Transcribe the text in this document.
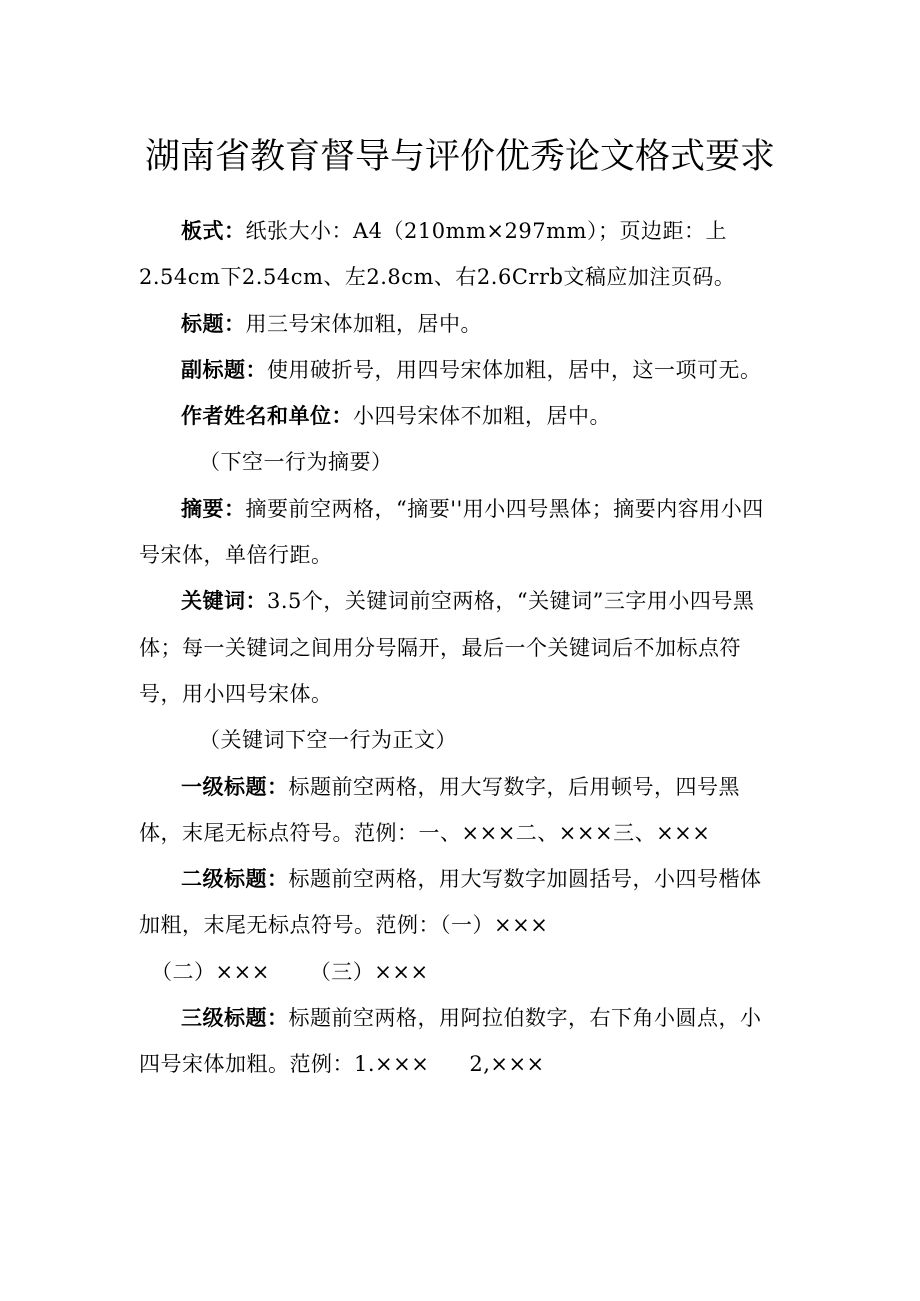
湖南省教育督导与评价优秀论文格式要求

板式：纸张大小：A4（210mm×297mm）；页边距：上2.54cm下2.54cm、左2.8cm、右2.6Crrb文稿应加注页码。

标题：用三号宋体加粗，居中。

副标题：使用破折号，用四号宋体加粗，居中，这一项可无。

作者姓名和单位：小四号宋体不加粗，居中。

（下空一行为摘要）

摘要：摘要前空两格，“摘要''用小四号黑体；摘要内容用小四号宋体，单倍行距。

关键词：3.5个，关键词前空两格，“关键词”三字用小四号黑体；每一关键词之间用分号隔开，最后一个关键词后不加标点符号，用小四号宋体。

（关键词下空一行为正文）

一级标题：标题前空两格，用大写数字，后用顿号，四号黑体，末尾无标点符号。范例：一、×××二、×××三、×××

二级标题：标题前空两格，用大写数字加圆括号，小四号楷体加粗，末尾无标点符号。范例：（一）×××

（二）××× （三）×××

三级标题：标题前空两格，用阿拉伯数字，右下角小圆点，小四号宋体加粗。范例：1.××× 2,×××
